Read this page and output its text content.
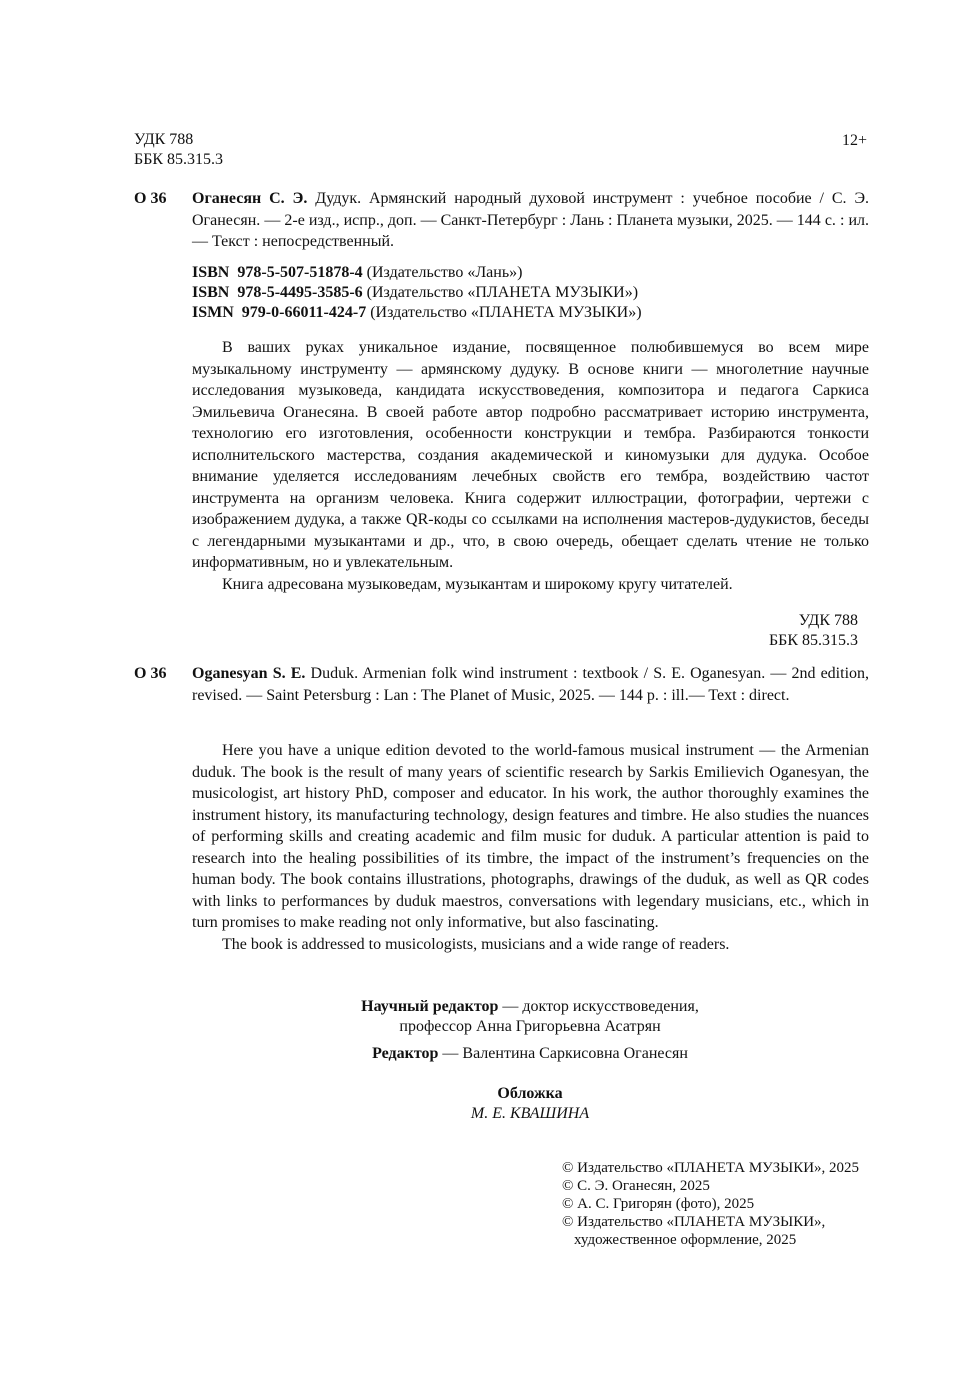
УДК 788
ББК 85.315.3
12+
О 36 Оганесян С. Э. Дудук. Армянский народный духовой инструмент : учебное пособие / С. Э. Оганесян. — 2-е изд., испр., доп. — Санкт-Петербург : Лань : Планета музыки, 2025. — 144 с. : ил. — Текст : непосредственный.
ISBN 978-5-507-51878-4 (Издательство «Лань»)
ISBN 978-5-4495-3585-6 (Издательство «ПЛАНЕТА МУЗЫКИ»)
ISMN 979-0-66011-424-7 (Издательство «ПЛАНЕТА МУЗЫКИ»)

В ваших руках уникальное издание, посвященное полюбившемуся во всем мире музыкальному инструменту — армянскому дудуку. В основе книги — многолетние научные исследования музыковеда, кандидата искусствоведения, композитора и педагога Саркиса Эмильевича Оганесяна. В своей работе автор подробно рассматривает историю инструмента, технологию его изготовления, особенности конструкции и тембра. Разбираются тонкости исполнительского мастерства, создания академической и киномузыки для дудука. Особое внимание уделяется исследованиям лечебных свойств его тембра, воздействию частот инструмента на организм человека. Книга содержит иллюстрации, фотографии, чертежи с изображением дудука, а также QR-коды со ссылками на исполнения мастеров-дудукистов, беседы с легендарными музыкантами и др., что, в свою очередь, обещает сделать чтение не только информативным, но и увлекательным.

Книга адресована музыковедам, музыкантам и широкому кругу читателей.

УДК 788
ББК 85.315.3
О 36 Oganesyan S. E. Duduk. Armenian folk wind instrument : textbook / S. E. Oganesyan. — 2nd edition, revised. — Saint Petersburg : Lan : The Planet of Music, 2025. — 144 p. : ill.— Text : direct.

Here you have a unique edition devoted to the world-famous musical instrument — the Armenian duduk. The book is the result of many years of scientific research by Sarkis Emilievich Oganesyan, the musicologist, art history PhD, composer and educator. In his work, the author thoroughly examines the instrument history, its manufacturing technology, design features and timbre. He also studies the nuances of performing skills and creating academic and film music for duduk. A particular attention is paid to research into the healing possibilities of its timbre, the impact of the instrument’s frequencies on the human body. The book contains illustrations, photographs, drawings of the duduk, as well as QR codes with links to performances by duduk maestros, conversations with legendary musicians, etc., which in turn promises to make reading not only informative, but also fascinating.

The book is addressed to musicologists, musicians and a wide range of readers.

Научный редактор — доктор искусствоведения,
профессор Анна Григорьевна Асатрян
Редактор — Валентина Саркисовна Оганесян
Обложка
М. Е. КВАШИНА
© Издательство «ПЛАНЕТА МУЗЫКИ», 2025
© С. Э. Оганесян, 2025
© А. С. Григорян (фото), 2025
© Издательство «ПЛАНЕТА МУЗЫКИ»,
художественное оформление, 2025
